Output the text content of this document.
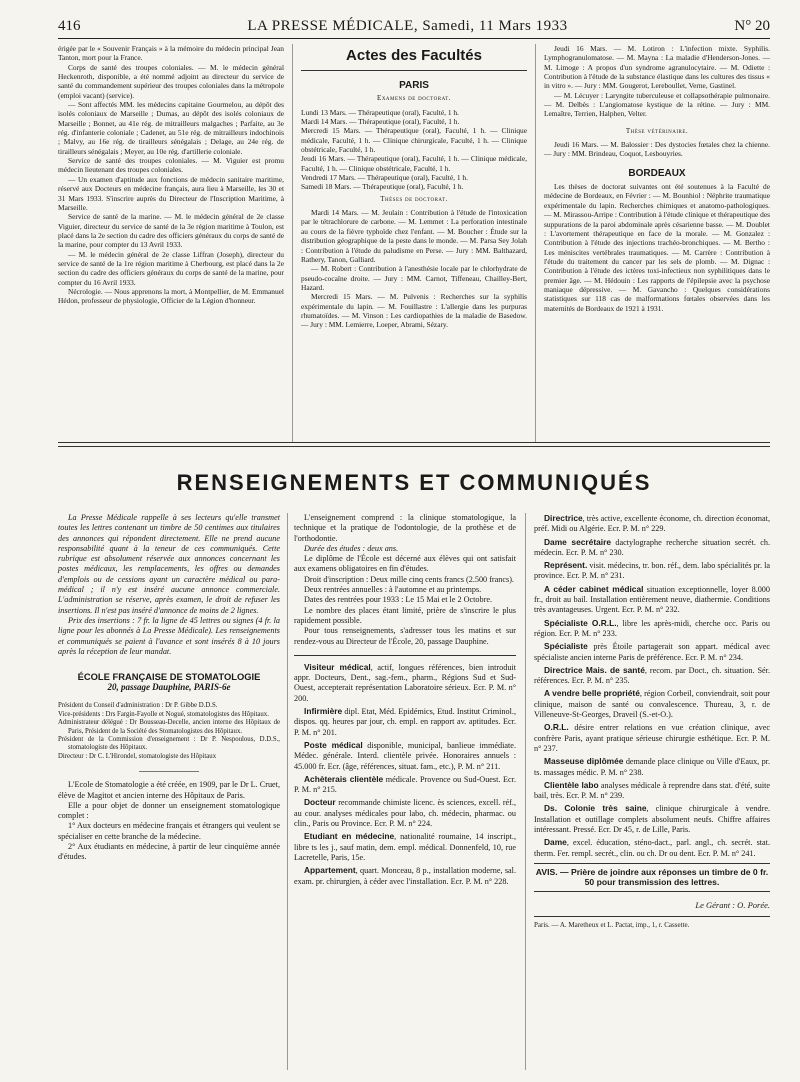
416	LA PRESSE MÉDICALE, Samedi, 11 Mars 1933	N° 20

érigée par le « Souvenir Français » à la mémoire du médecin principal Jean Tanton, mort pour la France.

Corps de santé des troupes coloniales. — M. le médecin général Heckenroth, disponible, a été nommé adjoint au directeur du service de santé du commandement supérieur des troupes coloniales dans la métropole (emploi vacant) (service).

— Sont affectés MM. les médecins capitaine Gourmelou, au dépôt des isolés coloniaux de Marseille ; Dumas, au dépôt des isolés coloniaux de Marseille ; Bonnet, au 41e rég. de mitrailleurs malgaches ; Parfaite, au 3e rég. d'infanterie coloniale ; Cadenet, au 51e rég. de mitrailleurs indochinois ; Malvy, au 16e rég. de tirailleurs sénégalais ; Delage, au 24e rég. de tirailleurs sénégalais ; Meyer, au 10e rég. d'artillerie coloniale.

Service de santé des troupes coloniales. — M. Viguier est promu médecin lieutenant des troupes coloniales.

— Un examen d'aptitude aux fonctions de médecin sanitaire maritime, réservé aux Docteurs en médecine français, aura lieu à Marseille, les 30 et 31 Mars 1933. S'inscrire auprès du Directeur de l'Inscription Maritime, à Marseille.

Service de santé de la marine. — M. le médecin général de 2e classe Viguier, directeur du service de santé de la 3e région maritime à Toulon, est placé dans la 2e section du cadre des officiers généraux du corps de santé de la marine, pour compter du 13 Avril 1933.

— M. le médecin général de 2e classe Liffran (Joseph), directeur du service de santé de la 1re région maritime à Cherbourg, est placé dans la 2e section du cadre des officiers généraux du corps de santé de la marine, pour compter du 16 Avril 1933.

Nécrologie. — Nous apprenons la mort, à Montpellier, de M. Emmanuel Hédon, professeur de physiologie, Officier de la Légion d'honneur.

Actes des Facultés
PARIS
Examens de doctorat.

Lundi 13 Mars. — Thérapeutique (oral), Faculté, 1 h.

Mardi 14 Mars. — Thérapeutique (oral), Faculté, 1 h.

Mercredi 15 Mars. — Thérapeutique (oral), Faculté, 1 h. — Clinique médicale, Faculté, 1 h. — Clinique chirurgicale, Faculté, 1 h. — Clinique obstétricale, Faculté, 1 h.

Jeudi 16 Mars. — Thérapeutique (oral), Faculté, 1 h. — Clinique médicale, Faculté, 1 h. — Clinique obstétricale, Faculté, 1 h.

Vendredi 17 Mars. — Thérapeutique (oral), Faculté, 1 h.

Samedi 18 Mars. — Thérapeutique (oral), Faculté, 1 h.

Thèses de doctorat.

Mardi 14 Mars. — M. Jeulain : Contribution à l'étude de l'intoxication par le tétrachlorure de carbone. — M. Lemmet : La perforation intestinale au cours de la fièvre typhoïde chez l'enfant. — M. Boucher : Étude sur la distribution géographique de la peste dans le monde. — M. Parsa Sey Jolah : Contribution à l'étude du paludisme en Perse. — Jury : MM. Balthazard, Rathery, Tanon, Galliard.

— M. Robert : Contribution à l'anesthésie locale par le chlorhydrate de pseudo-cocaïne droite. — Jury : MM. Carnot, Tiffeneau, Chailley-Bert, Hazard.

Mercredi 15 Mars. — M. Pulvenis : Recherches sur la syphilis expérimentale du lapin. — M. Fouillastre : L'allergie dans les purpuras rhumatoïdes. — M. Vinson : Les cardiopathies de la maladie de Basedow. — Jury : MM. Lemierre, Loeper, Abrami, Sézary.

Jeudi 16 Mars. — M. Lotiron : L'infection mixte. Syphilis. Lymphogranulomatose. — M. Mayna : La maladie d'Henderson-Jones. — M. Limoge : A propos d'un syndrome agranulocytaire. — M. Odiette : Contribution à l'étude de la substance élastique dans les cultures des tissus « in vitro ». — Jury : MM. Gougerot, Lereboullet, Verne, Gastinel.

— M. Lécuyer : Laryngite tuberculeuse et collapsothérapie pulmonaire. — M. Delbès : L'angiomatose kystique de la rétine. — Jury : MM. Lemaître, Terrien, Halphen, Velter.

Thèse vétérinaire.

Jeudi 16 Mars. — M. Balossier : Des dystocies fœtales chez la chienne. — Jury : MM. Brindeau, Coquot, Lesbouyries.

BORDEAUX

Les thèses de doctorat suivantes ont été soutenues à la Faculté de médecine de Bordeaux, en Février : — M. Bounhiol : Néphrite traumatique expérimentale du lapin. Recherches chimiques et anatomo-pathologiques. — M. Mirassou-Arripe : Contribution à l'étude clinique et thérapeutique des suppurations de la paroi abdominale après césarienne basse. — M. Doublet : L'avortement thérapeutique en face de la morale. — M. Gonzalez : Contribution à l'étude des injections trachéo-bronchiques. — M. Bertho : Les méniscites vertébrales traumatiques. — M. Carrère : Contribution à l'étude du traitement du cancer par les sels de plomb. — M. Dignac : Contribution à l'étude des ictères toxi-infectieux non syphilitiques dans le premier âge. — M. Hédouin : Les rapports de l'épilepsie avec la psychose maniaque dépressive. — M. Gavancho : Quelques considérations statistiques sur 118 cas de malformations fœtales observées dans les maternités de Bordeaux de 1921 à 1931.

RENSEIGNEMENTS ET COMMUNIQUÉS

La Presse Médicale rappelle à ses lecteurs qu'elle transmet toutes les lettres contenant un timbre de 50 centimes aux titulaires des annonces qui répondent directement. Elle ne prend aucune responsabilité quant à la teneur de ces communiqués. Cette rubrique est absolument réservée aux annonces concernant les postes médicaux, les remplacements, les offres ou demandes d'emplois ou de cessions ayant un caractère médical ou para-médical ; il n'y est inséré aucune annonce commerciale. L'administration se réserve, après examen, le droit de refuser les insertions. Il n'est pas inséré d'annonce de moins de 2 lignes.

Prix des insertions : 7 fr. la ligne de 45 lettres ou signes (4 fr. la ligne pour les abonnés à La Presse Médicale). Les renseignements et communiqués se paient à l'avance et sont insérés 8 à 10 jours après la réception de leur mandat.

ÉCOLE FRANÇAISE DE STOMATOLOGIE
20, passage Dauphine, PARIS-6e

Président du Conseil d'administration : Dr P. Gibbe D.D.S.

Vice-présidents : Drs Fargin-Fayolle et Nogué, stomatologistes des Hôpitaux.

Administrateur délégué : Dr Bousseau-Decelle, ancien interne des Hôpitaux de Paris, Président de la Société des Stomatologistes des Hôpitaux.

Président de la Commission d'enseignement : Dr P. Nespoulous, D.D.S., stomatologiste des Hôpitaux.

Directeur : Dr C. L'Hirondel, stomatologiste des Hôpitaux

L'Ecole de Stomatologie a été créée, en 1909, par le Dr L. Cruet, élève de Magitot et ancien interne des Hôpitaux de Paris.

Elle a pour objet de donner un enseignement stomatologique complet :

1° Aux docteurs en médecine français et étrangers qui veulent se spécialiser en cette branche de la médecine.

2° Aux étudiants en médecine, à partir de leur cinquième année d'études.

L'enseignement comprend : la clinique stomatologique, la technique et la pratique de l'odontologie, de la prothèse et de l'orthodontie.

Durée des études : deux ans.

Le diplôme de l'École est décerné aux élèves qui ont satisfait aux examens obligatoires en fin d'études.

Droit d'inscription : Deux mille cinq cents francs (2.500 francs).

Deux rentrées annuelles : à l'automne et au printemps.

Dates des rentrées pour 1933 : Le 15 Mai et le 2 Octobre.

Le nombre des places étant limité, prière de s'inscrire le plus rapidement possible.

Pour tous renseignements, s'adresser tous les matins et sur rendez-vous au Directeur de l'École, 20, passage Dauphine.

Visiteur médical, actif, longues références, bien introduit appr. Docteurs, Dent., sag.-fem., pharm., Régions Sud et Sud-Ouest, accepterait représentation Laboratoire sérieux. Ecr. P. M. n° 200.

Infirmière dipl. Etat, Méd. Epidémics, Etud. Institut Criminol., dispos. qq. heures par jour, ch. empl. en rapport av. aptitudes. Ecr. P. M. n° 201.

Poste médical disponible, municipal, banlieue immédiate. Médec. générale. Interd. clientèle privée. Honoraires annuels : 45.000 fr. Ecr. (âge, références, situat. fam., etc.), P. M. n° 211.

Achèterais clientèle médicale. Provence ou Sud-Ouest. Ecr. P. M. n° 215.

Docteur recommande chimiste licenc. ès sciences, excell. réf., au cour. analyses médicales pour labo, ch. médecin, pharmac. ou clin., Paris ou Province. Ecr. P. M. n° 224.

Etudiant en médecine, nationalité roumaine, 14 inscript., libre ts les j., sauf matin, dem. empl. médical. Donnenfeld, 10, rue Lacretelle, Paris, 15e.

Appartement, quart. Monceau, 8 p., installation moderne, sal. exam. pr. chirurgien, à céder avec l'installation. Ecr. P. M. n° 228.

Directrice, très active, excellente économe, ch. direction économat, préf. Midi ou Algérie. Ecr. P. M. n° 229.

Dame secrétaire dactylographe recherche situation secrét. ch. médecin. Ecr. P. M. n° 230.

Représent. visit. médecins, tr. bon. réf., dem. labo spécialités pr. la province. Ecr. P. M. n° 231.

A céder cabinet médical situation exceptionnelle, loyer 8.000 fr., droit au bail. Installation entièrement neuve, diathermie. Conditions très avantageuses. Urgent. Ecr. P. M. n° 232.

Spécialiste O.R.L., libre les après-midi, cherche occ. Paris ou région. Ecr. P. M. n° 233.

Spécialiste près Étoile partagerait son appart. médical avec spécialiste ancien interne Paris de préférence. Ecr. P. M. n° 234.

Directrice Mais. de santé, recom. par Doct., ch. situation. Sér. références. Ecr. P. M. n° 235.

A vendre belle propriété, région Corbeil, conviendrait, soit pour clinique, maison de santé ou convalescence. Thureau, 3, r. de Villeneuve-St-Georges, Draveil (S.-et-O.).

O.R.L. désire entrer relations en vue création clinique, avec confrère Paris, ayant pratique sérieuse chirurgie esthétique. Ecr. P. M. n° 237.

Masseuse diplômée demande place clinique ou Ville d'Eaux, pr. ts. massages médic. P. M. n° 238.

Clientèle labo analyses médicale à reprendre dans stat. d'été, suite bail, très. Ecr. P. M. n° 239.

Ds. Colonie très saine, clinique chirurgicale à vendre. Installation et outillage complets absolument neufs. Chiffre affaires intéressant. Pressé. Ecr. Dr 45, r. de Lille, Paris.

Dame, excel. éducation, sténo-dact., parl. angl., ch. secrét. stat. therm. Fer. rempl. secrét., clin. ou ch. Dr ou dent. Ecr. P. M. n° 241.

AVIS. — Prière de joindre aux réponses un timbre de 0 fr. 50 pour transmission des lettres.
Le Gérant : O. Porée.
Paris. — A. Maretheux et L. Pactat, imp., 1, r. Cassette.
